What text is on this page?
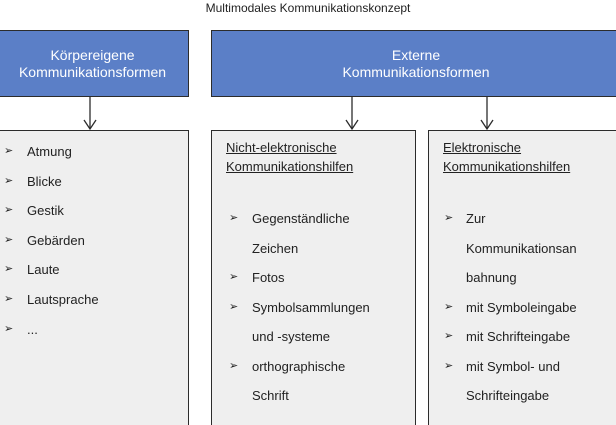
Multimodales Kommunikationskonzept
Körpereigene
Kommunikationsformen
Externe
Kommunikationsformen
➢	Atmung
➢	Blicke
➢	Gestik
➢	Gebärden
➢	Laute
➢	Lautsprache
➢	...
Nicht-elektronische
Kommunikationshilfen
➢	Gegenständliche
Zeichen
➢	Fotos
➢	Symbolsammlungen
und -systeme
➢	orthographische
Schrift
Elektronische
Kommunikationshilfen
➢ Zur
Kommunikationsan
bahnung
➢ mit Symboleingabe
➢ mit Schrifteingabe
➢ mit Symbol- und
Schrifteingabe
